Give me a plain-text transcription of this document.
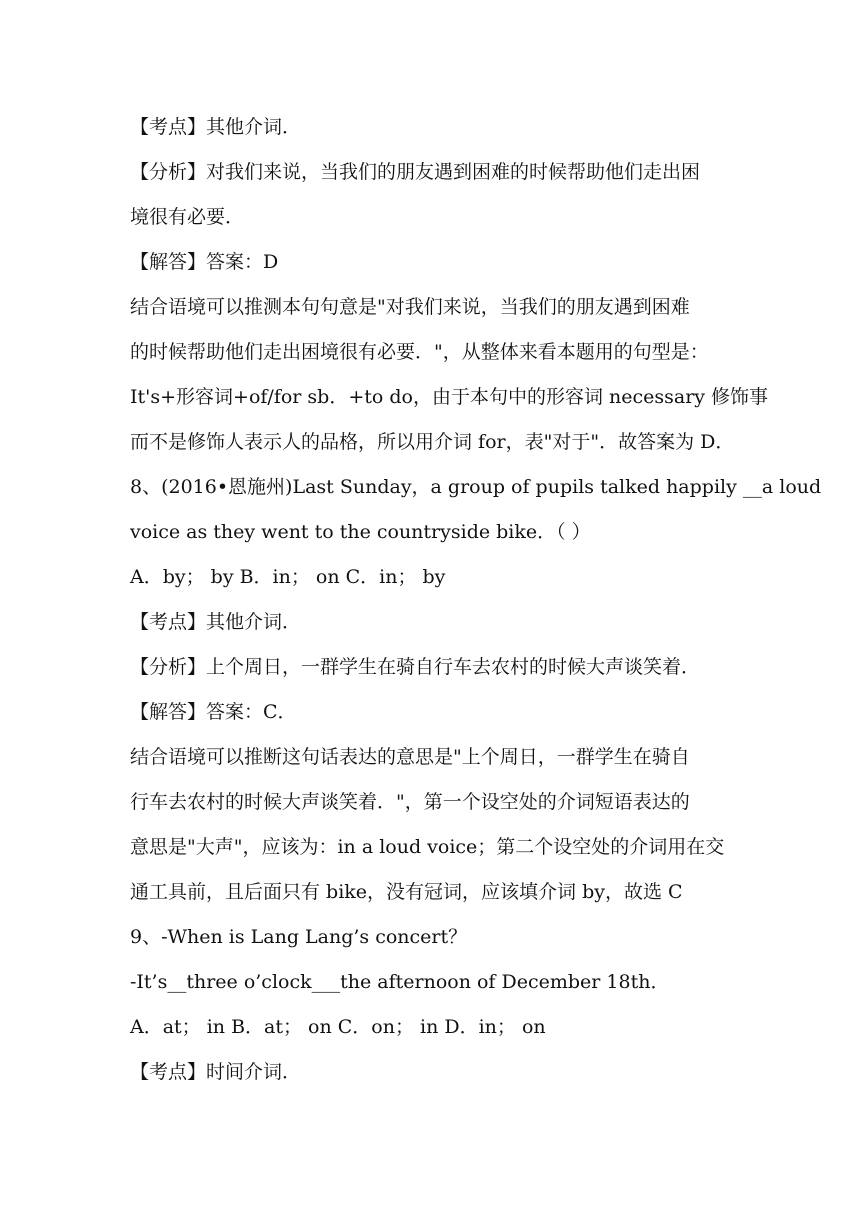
【考点】其他介词．
【分析】对我们来说，当我们的朋友遇到困难的时候帮助他们走出困
境很有必要．
【解答】答案：D
结合语境可以推测本句句意是"对我们来说，当我们的朋友遇到困难
的时候帮助他们走出困境很有必要．"，从整体来看本题用的句型是：
It's+形容词+of/for sb．+to do，由于本句中的形容词 necessary 修饰事
而不是修饰人表示人的品格，所以用介词 for，表"对于"．故答案为 D．
8、(2016•恩施州)Last Sunday，a group of pupils talked happily __a loud
voice as they went to the countryside bike．（ ）
A．by； by B．in； on C．in； by
【考点】其他介词．
【分析】上个周日，一群学生在骑自行车去农村的时候大声谈笑着．
【解答】答案：C．
结合语境可以推断这句话表达的意思是"上个周日，一群学生在骑自
行车去农村的时候大声谈笑着．"，第一个设空处的介词短语表达的
意思是"大声"，应该为：in a loud voice；第二个设空处的介词用在交
通工具前，且后面只有 bike，没有冠词，应该填介词 by，故选 C
9、-When is Lang Lang’s concert？
-It’s__three o’clock___the afternoon of December 18th．
A．at； in B．at； on C．on； in D．in； on
【考点】时间介词．
